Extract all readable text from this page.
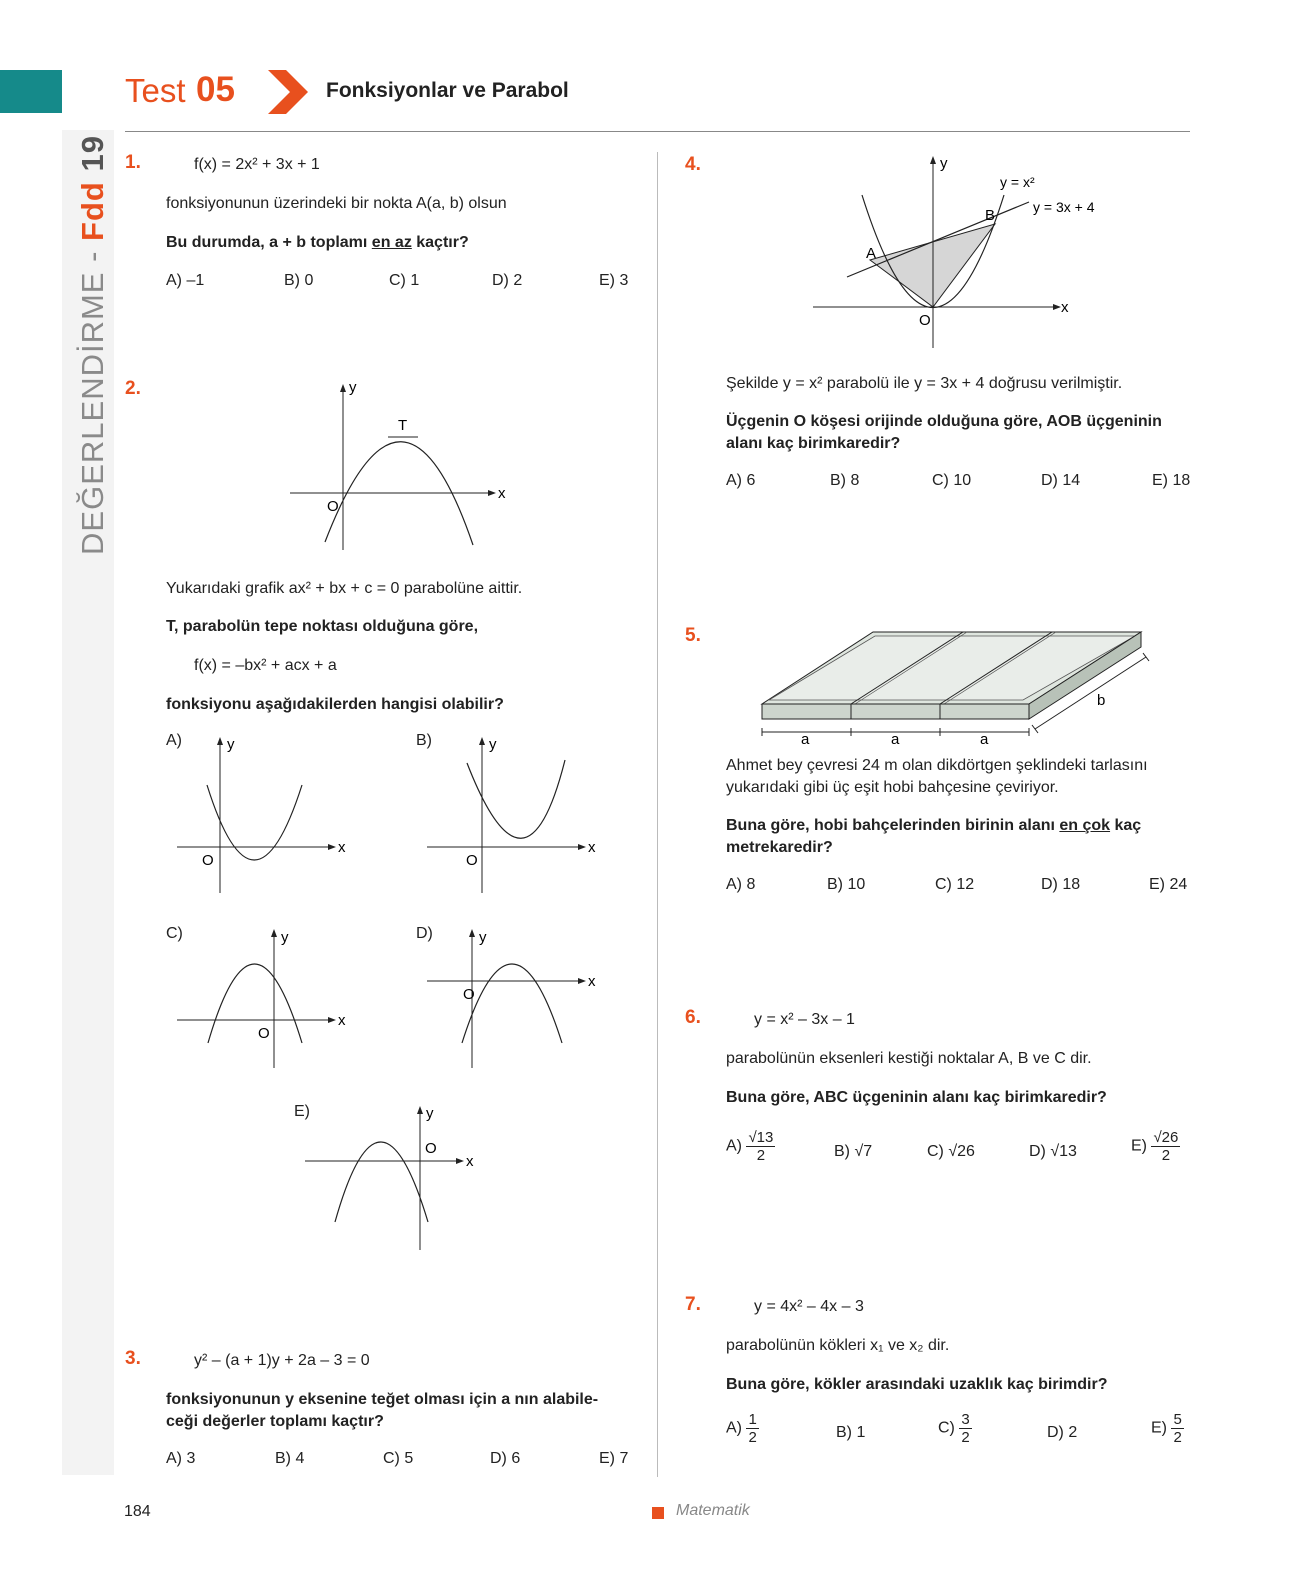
DEĞERLENDİRME - Fdd 19
Test 05	Fonksiyonlar ve Parabol
1.	f(x) = 2x² + 3x + 1
fonksiyonunun üzerindeki bir nokta A(a, b) olsun
Bu durumda, a + b toplamı en az kaçtır?
A) –1	B) 0	C) 1	D) 2	E) 3
2.	y
x
O
T
Yukarıdaki grafik ax² + bx + c = 0 parabolüne aittir.
T, parabolün tepe noktası olduğuna göre,
f(x) = –bx² + acx + a
fonksiyonu aşağıdakilerden hangisi olabilir?
A)	y
x
O
B)	y
x
O
C)	y
x
O
D)	y
x
O
E)	y
x
O
3.	y² – (a + 1)y + 2a – 3 = 0
fonksiyonunun y eksenine teğet olması için a nın alabile-
ceği değerler toplamı kaçtır?
A) 3	B) 4	C) 5	D) 6	E) 7
4.	y
x
O
A
B
y = x²
y = 3x + 4
Şekilde y = x² parabolü ile y = 3x + 4 doğrusu verilmiştir.
Üçgenin O köşesi orijinde olduğuna göre, AOB üçgeninin
alanı kaç birimkaredir?
A) 6	B) 8	C) 10	D) 14	E) 18
5.
a	a	a
b
Ahmet bey çevresi 24 m olan dikdörtgen şeklindeki tarlasını
yukarıdaki gibi üç eşit hobi bahçesine çeviriyor.
Buna göre, hobi bahçelerinden birinin alanı en çok kaç
metrekaredir?
A) 8	B) 10	C) 12	D) 18	E) 24
6.	y = x² – 3x – 1
parabolünün eksenleri kestiği noktalar A, B ve C dir.
Buna göre, ABC üçgeninin alanı kaç birimkaredir?
$A) \frac{√13}{2}$	B) √7	C) √26	D) √13	$E) \frac{√26}{2}$
7.	y = 4x² – 4x – 3
parabolünün kökleri x₁ ve x₂ dir.
Buna göre, kökler arasındaki uzaklık kaç birimdir?
$A) \frac{1}{2}$	B) 1	$C) \frac{3}{2}$	D) 2	$E) \frac{5}{2}$
184	Matematik
